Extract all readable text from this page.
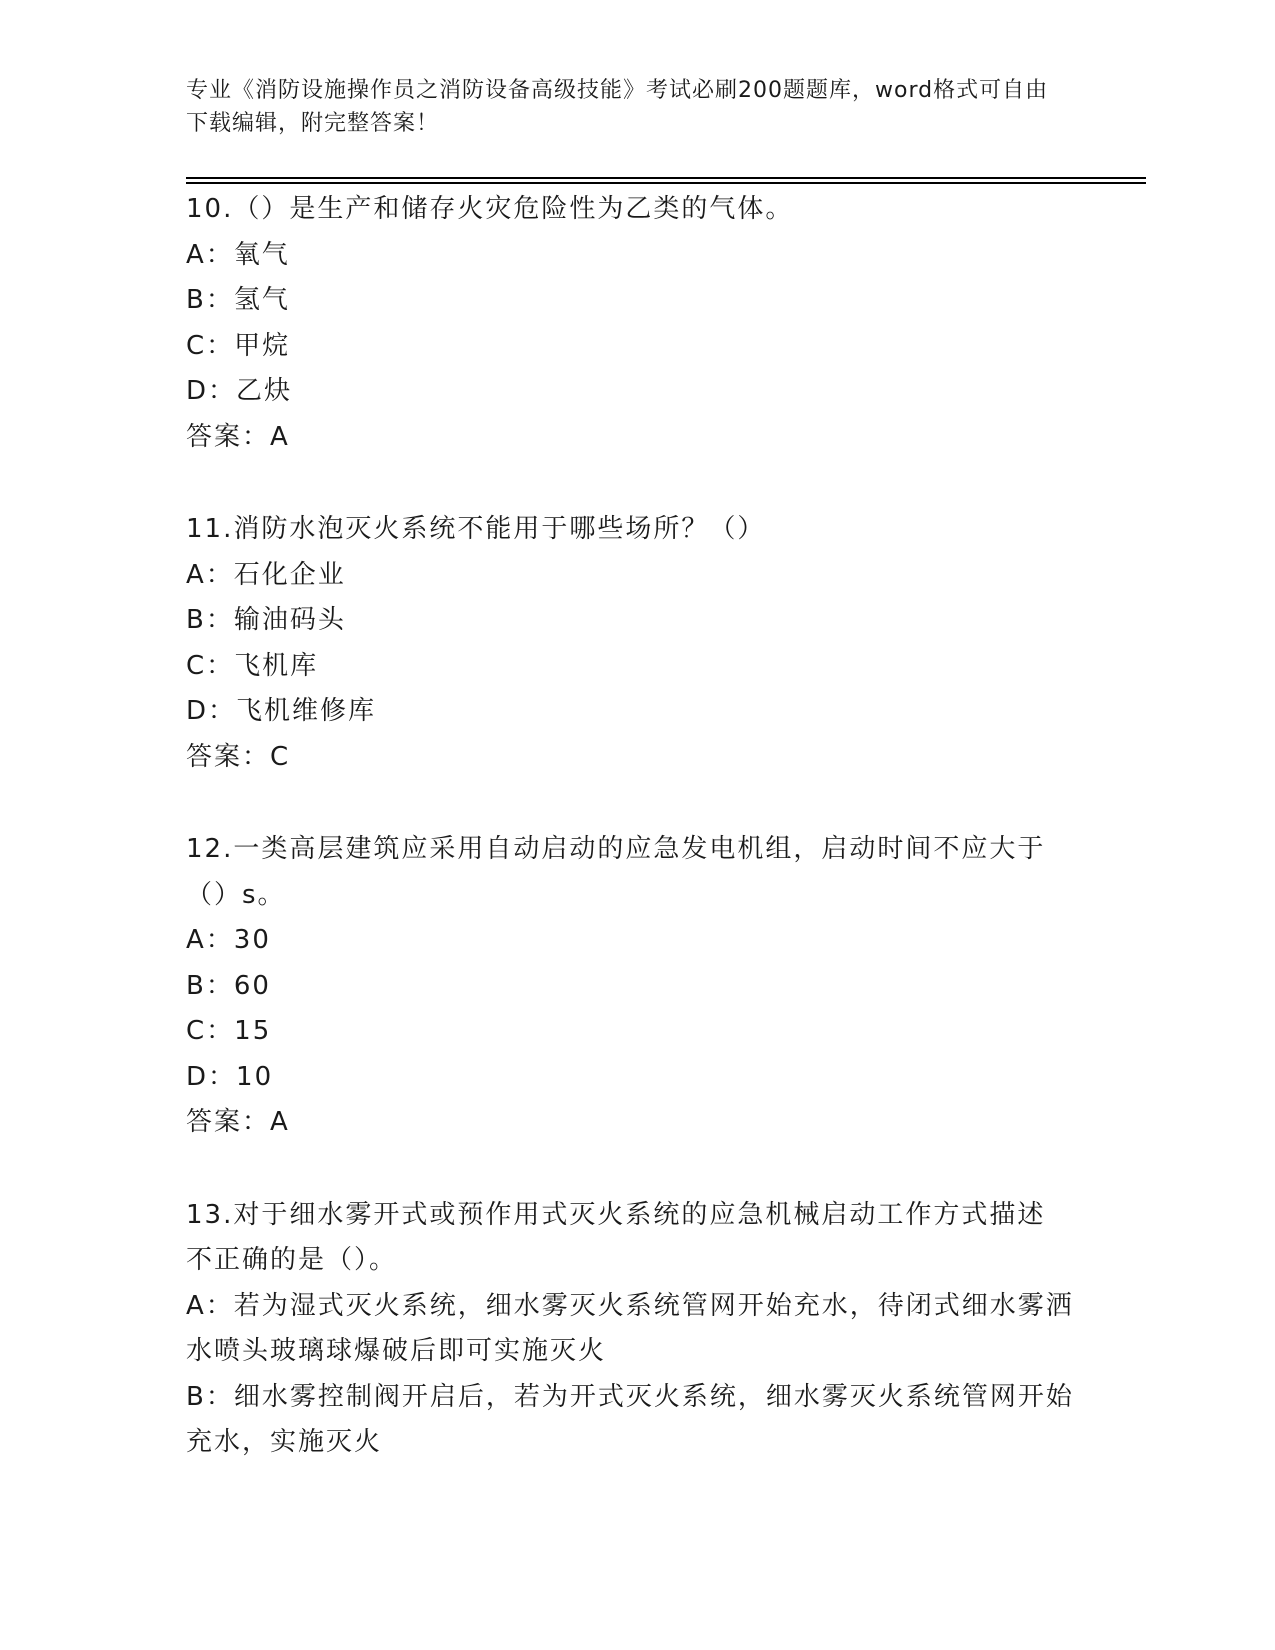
专业《消防设施操作员之消防设备高级技能》考试必刷200题题库，word格式可自由下载编辑，附完整答案！
10.（）是生产和储存火灾危险性为乙类的气体。
A：氧气
B：氢气
C：甲烷
D：乙炔
答案：A
11.消防水泡灭火系统不能用于哪些场所？（）
A：石化企业
B：输油码头
C：飞机库
D：飞机维修库
答案：C
12.一类高层建筑应采用自动启动的应急发电机组，启动时间不应大于（）s。
A：30
B：60
C：15
D：10
答案：A
13.对于细水雾开式或预作用式灭火系统的应急机械启动工作方式描述不正确的是（）。
A：若为湿式灭火系统，细水雾灭火系统管网开始充水，待闭式细水雾洒水喷头玻璃球爆破后即可实施灭火
B：细水雾控制阀开启后，若为开式灭火系统，细水雾灭火系统管网开始充水，实施灭火
